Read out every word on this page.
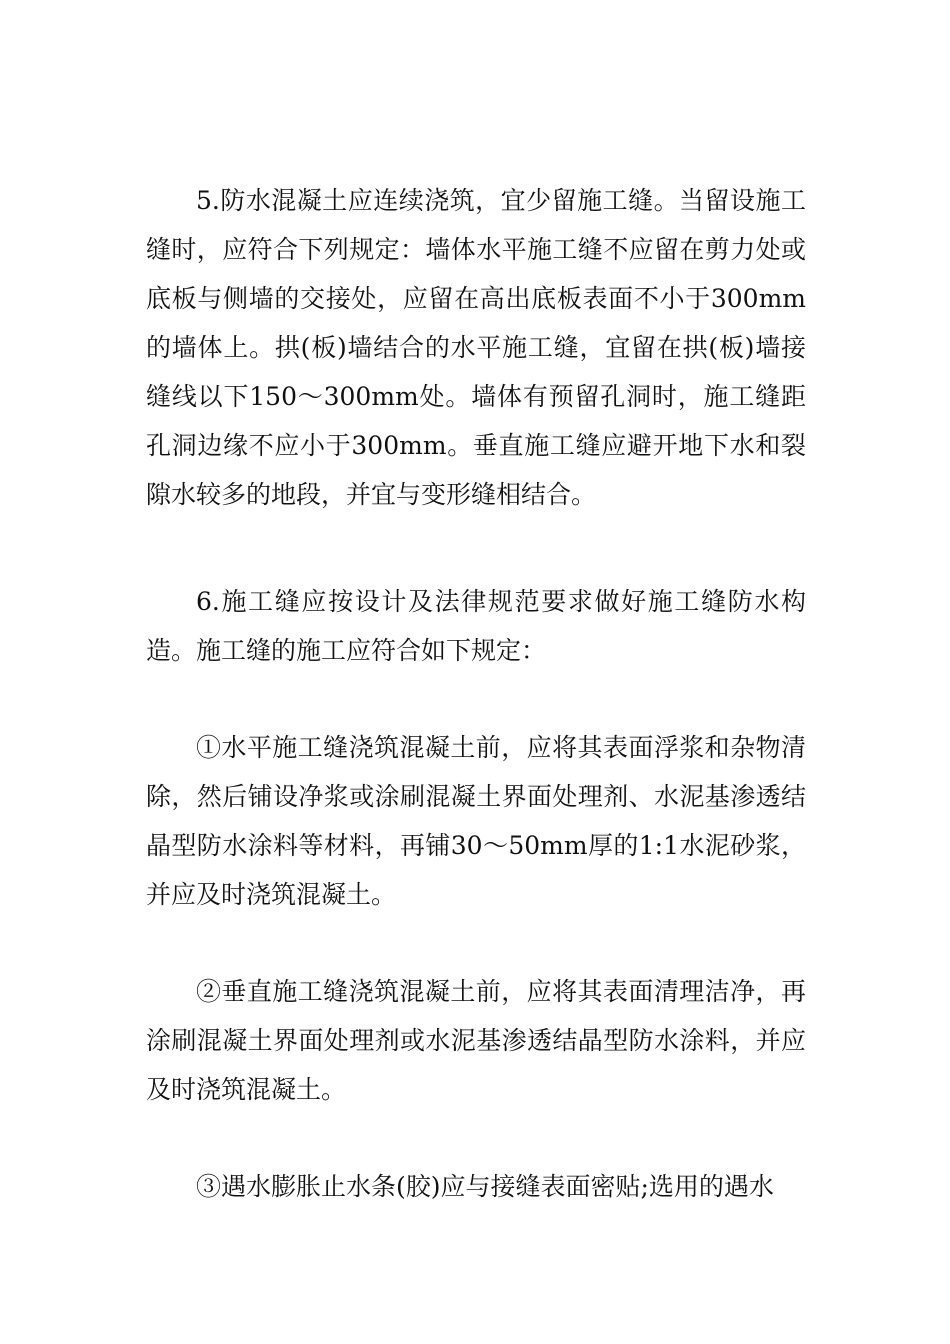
5.防水混凝土应连续浇筑，宜少留施工缝。当留设施工缝时，应符合下列规定：墙体水平施工缝不应留在剪力处或底板与侧墙的交接处，应留在高出底板表面不小于300mm的墙体上。拱(板)墙结合的水平施工缝，宜留在拱(板)墙接缝线以下150～300mm处。墙体有预留孔洞时，施工缝距孔洞边缘不应小于300mm。垂直施工缝应避开地下水和裂隙水较多的地段，并宜与变形缝相结合。

6.施工缝应按设计及法律规范要求做好施工缝防水构造。施工缝的施工应符合如下规定：

①水平施工缝浇筑混凝土前，应将其表面浮浆和杂物清除，然后铺设净浆或涂刷混凝土界面处理剂、水泥基渗透结晶型防水涂料等材料，再铺30～50mm厚的1:1水泥砂浆，并应及时浇筑混凝土。

②垂直施工缝浇筑混凝土前，应将其表面清理洁净，再涂刷混凝土界面处理剂或水泥基渗透结晶型防水涂料，并应及时浇筑混凝土。

③遇水膨胀止水条(胶)应与接缝表面密贴;选用的遇水
